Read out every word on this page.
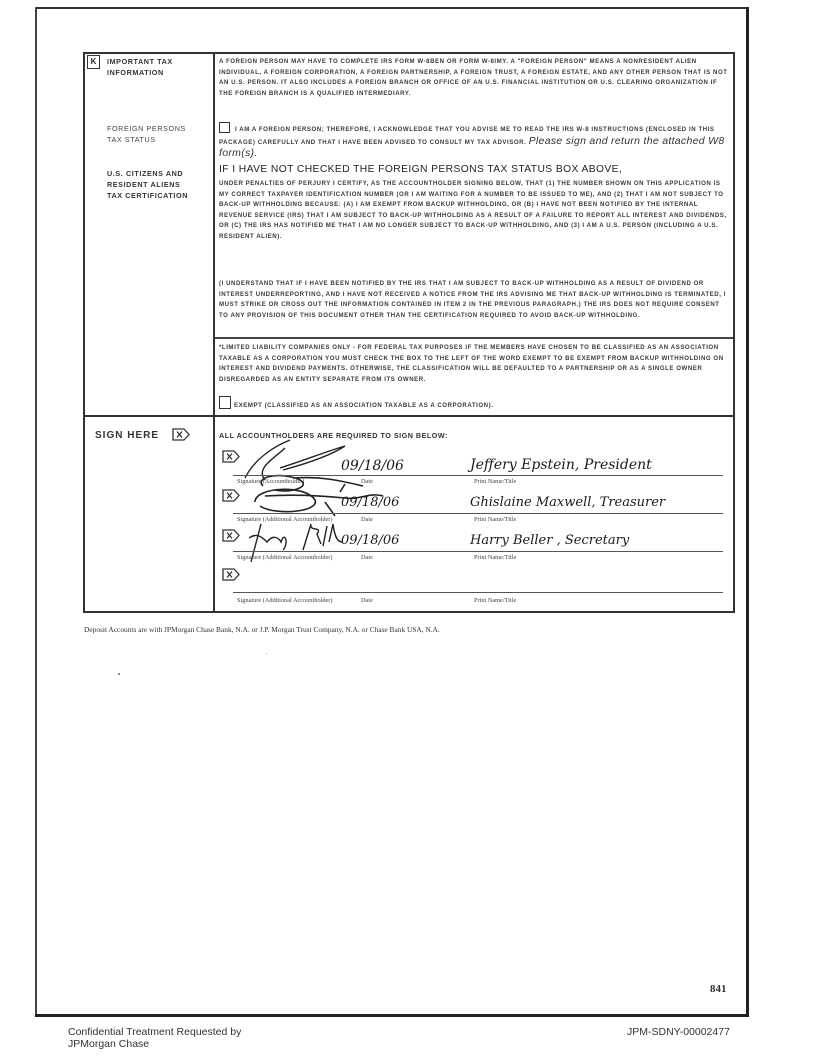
K	IMPORTANT TAX
INFORMATION
A FOREIGN PERSON MAY HAVE TO COMPLETE IRS FORM W-8BEN OR FORM W-8IMY. A "FOREIGN PERSON" MEANS A NONRESIDENT ALIEN INDIVIDUAL, A FOREIGN CORPORATION, A FOREIGN PARTNERSHIP, A FOREIGN TRUST, A FOREIGN ESTATE, AND ANY OTHER PERSON THAT IS NOT AN U.S. PERSON. IT ALSO INCLUDES A FOREIGN BRANCH OR OFFICE OF AN U.S. FINANCIAL INSTITUTION OR U.S. CLEARING ORGANIZATION IF THE FOREIGN BRANCH IS A QUALIFIED INTERMEDIARY.
FOREIGN PERSONS
TAX STATUS
I AM A FOREIGN PERSON; THEREFORE, I ACKNOWLEDGE THAT YOU ADVISE ME TO READ THE IRS W-8 INSTRUCTIONS (ENCLOSED IN THIS PACKAGE) CAREFULLY AND THAT I HAVE BEEN ADVISED TO CONSULT MY TAX ADVISOR. Please sign and return the attached W8 form(s).
U.S. CITIZENS AND
RESIDENT ALIENS
TAX CERTIFICATION
IF I HAVE NOT CHECKED THE FOREIGN PERSONS TAX STATUS BOX ABOVE,
UNDER PENALTIES OF PERJURY I CERTIFY, AS THE ACCOUNTHOLDER SIGNING BELOW, THAT (1) THE NUMBER SHOWN ON THIS APPLICATION IS MY CORRECT TAXPAYER IDENTIFICATION NUMBER (OR I AM WAITING FOR A NUMBER TO BE ISSUED TO ME), AND (2) THAT I AM NOT SUBJECT TO BACK-UP WITHHOLDING BECAUSE: (A) I AM EXEMPT FROM BACKUP WITHHOLDING, OR (B) I HAVE NOT BEEN NOTIFIED BY THE INTERNAL REVENUE SERVICE (IRS) THAT I AM SUBJECT TO BACK-UP WITHHOLDING AS A RESULT OF A FAILURE TO REPORT ALL INTEREST AND DIVIDENDS, OR (C) THE IRS HAS NOTIFIED ME THAT I AM NO LONGER SUBJECT TO BACK-UP WITHHOLDING, AND (3) I AM A U.S. PERSON (INCLUDING A U.S. RESIDENT ALIEN).
(I UNDERSTAND THAT IF I HAVE BEEN NOTIFIED BY THE IRS THAT I AM SUBJECT TO BACK-UP WITHHOLDING AS A RESULT OF DIVIDEND OR INTEREST UNDERREPORTING, AND I HAVE NOT RECEIVED A NOTICE FROM THE IRS ADVISING ME THAT BACK-UP WITHHOLDING IS TERMINATED, I MUST STRIKE OR CROSS OUT THE INFORMATION CONTAINED IN ITEM 2 IN THE PREVIOUS PARAGRAPH.) THE IRS DOES NOT REQUIRE CONSENT TO ANY PROVISION OF THIS DOCUMENT OTHER THAN THE CERTIFICATION REQUIRED TO AVOID BACK-UP WITHHOLDING.
*LIMITED LIABILITY COMPANIES ONLY - FOR FEDERAL TAX PURPOSES IF THE MEMBERS HAVE CHOSEN TO BE CLASSIFIED AS AN ASSOCIATION TAXABLE AS A CORPORATION YOU MUST CHECK THE BOX TO THE LEFT OF THE WORD EXEMPT TO BE EXEMPT FROM BACKUP WITHHOLDING ON INTEREST AND DIVIDEND PAYMENTS. OTHERWISE, THE CLASSIFICATION WILL BE DEFAULTED TO A PARTNERSHIP OR AS A SINGLE OWNER DISREGARDED AS AN ENTITY SEPARATE FROM ITS OWNER.
EXEMPT (CLASSIFIED AS AN ASSOCIATION TAXABLE AS A CORPORATION).
SIGN HERE	ALL ACCOUNTHOLDERS ARE REQUIRED TO SIGN BELOW:
09/18/06	Jeffery Epstein, President
Signature (Accountholder)	Date	Print Name/Title
09/18/06	Ghislaine Maxwell, Treasurer
Signature (Additional Accountholder)	Date	Print Name/Title
09/18/06	Harry Beller , Secretary
Signature (Additional Accountholder)	Date	Print Name/Title
Signature (Additional Accountholder)	Date	Print Name/Title
Deposit Accounts are with JPMorgan Chase Bank, N.A. or J.P. Morgan Trust Company, N.A. or Chase Bank USA, N.A.
841
Confidential Treatment Requested by
JPMorgan Chase
JPM-SDNY-00002477
